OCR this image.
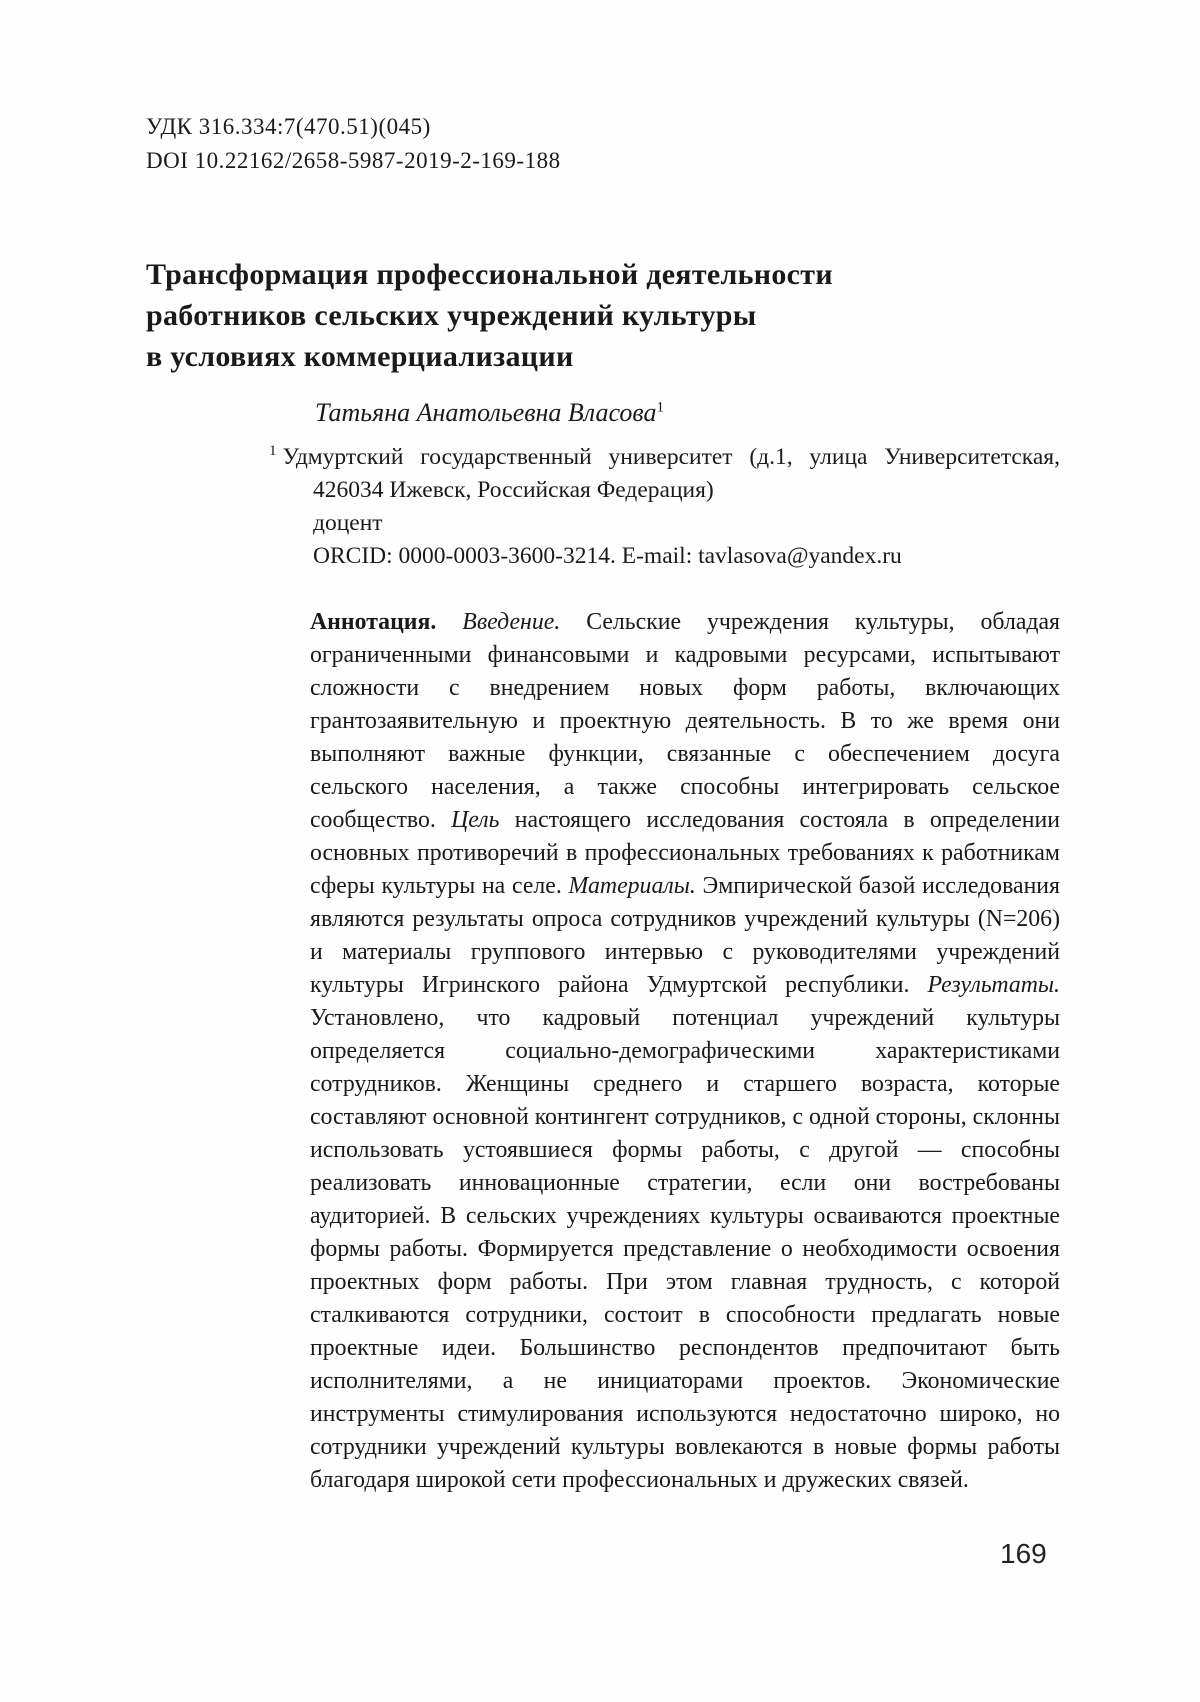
УДК 316.334:7(470.51)(045)
DOI 10.22162/2658-5987-2019-2-169-188
Трансформация профессиональной деятельности
работников сельских учреждений культуры
в условиях коммерциализации
Татьяна Анатольевна Власова$^1$

$^1$ Удмуртский государственный университет (д.1, улица Университетская, 426034 Ижевск, Российская Федерация)

доцент

ORCID: 0000-0003-3600-3214. E-mail: tavlasova@yandex.ru

Аннотация. Введение. Сельские учреждения культуры, обладая ограниченными финансовыми и кадровыми ресурсами, испытывают сложности с внедрением новых форм работы, включающих грантозаявительную и проектную деятельность. В то же время они выполняют важные функции, связанные с обеспечением досуга сельского населения, а также способны интегрировать сельское сообщество. Цель настоящего исследования состояла в определении основных противоречий в профессиональных требованиях к работникам сферы культуры на селе. Материалы. Эмпирической базой исследования являются результаты опроса сотрудников учреждений культуры (N=206) и материалы группового интервью с руководителями учреждений культуры Игринского района Удмуртской республики. Результаты. Установлено, что кадровый потенциал учреждений культуры определяется социально-демографическими характеристиками сотрудников. Женщины среднего и старшего возраста, которые составляют основной контингент сотрудников, с одной стороны, склонны использовать устоявшиеся формы работы, с другой — способны реализовать инновационные стратегии, если они востребованы аудиторией. В сельских учреждениях культуры осваиваются проектные формы работы. Формируется представление о необходимости освоения проектных форм работы. При этом главная трудность, с которой сталкиваются сотрудники, состоит в способности предлагать новые проектные идеи. Большинство респондентов предпочитают быть исполнителями, а не инициаторами проектов. Экономические инструменты стимулирования используются недостаточно широко, но сотрудники учреждений культуры вовлекаются в новые формы работы благодаря широкой сети профессиональных и дружеских связей.

169
